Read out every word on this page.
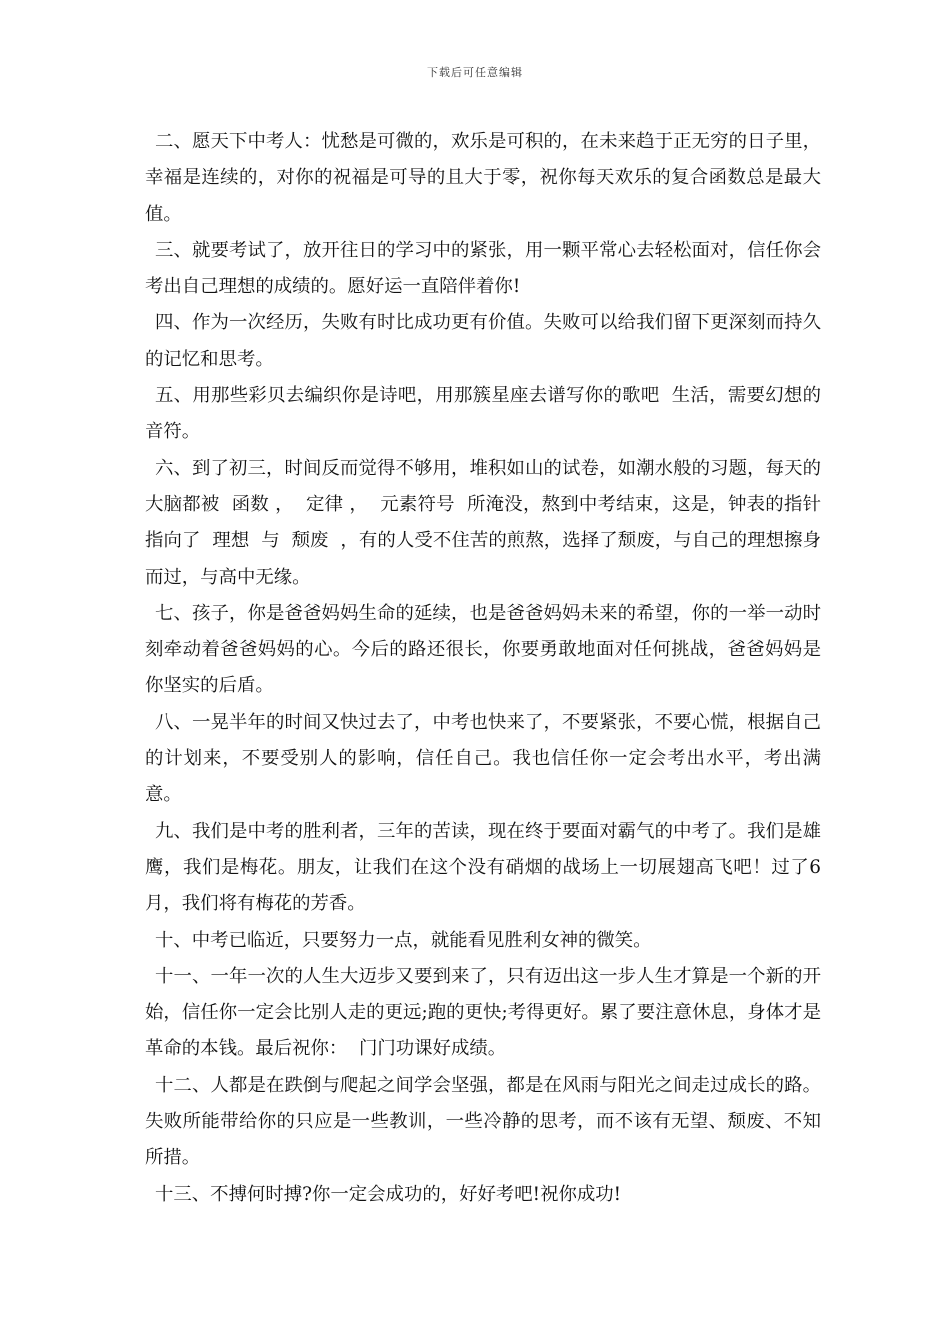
下载后可任意编辑

二、愿天下中考人：忧愁是可微的，欢乐是可积的，在未来趋于正无穷的日子里，幸福是连续的，对你的祝福是可导的且大于零，祝你每天欢乐的复合函数总是最大值。

三、就要考试了，放开往日的学习中的紧张，用一颗平常心去轻松面对，信任你会考出自己理想的成绩的。愿好运一直陪伴着你!

四、作为一次经历，失败有时比成功更有价值。失败可以给我们留下更深刻而持久的记忆和思考。

五、用那些彩贝去编织你是诗吧，用那簇星座去谱写你的歌吧  生活，需要幻想的音符。

六、到了初三，时间反而觉得不够用，堆积如山的试卷，如潮水般的习题，每天的大脑都被  函数 ，  定律 ，  元素符号  所淹没，熬到中考结束，这是，钟表的指针指向了  理想  与  颓废  ，有的人受不住苦的煎熬，选择了颓废，与自己的理想擦身而过，与高中无缘。

七、孩子，你是爸爸妈妈生命的延续，也是爸爸妈妈未来的希望，你的一举一动时刻牵动着爸爸妈妈的心。今后的路还很长，你要勇敢地面对任何挑战，爸爸妈妈是你坚实的后盾。

八、一晃半年的时间又快过去了，中考也快来了，不要紧张，不要心慌，根据自己的计划来，不要受别人的影响，信任自己。我也信任你一定会考出水平，考出满意。

九、我们是中考的胜利者，三年的苦读，现在终于要面对霸气的中考了。我们是雄鹰，我们是梅花。朋友，让我们在这个没有硝烟的战场上一切展翅高飞吧！过了6月，我们将有梅花的芳香。

十、中考已临近，只要努力一点，就能看见胜利女神的微笑。

十一、一年一次的人生大迈步又要到来了，只有迈出这一步人生才算是一个新的开始，信任你一定会比别人走的更远;跑的更快;考得更好。累了要注意休息，身体才是革命的本钱。最后祝你：  门门功课好成绩。

十二、人都是在跌倒与爬起之间学会坚强，都是在风雨与阳光之间走过成长的路。失败所能带给你的只应是一些教训，一些冷静的思考，而不该有无望、颓废、不知所措。

十三、不搏何时搏?你一定会成功的，好好考吧!祝你成功!
